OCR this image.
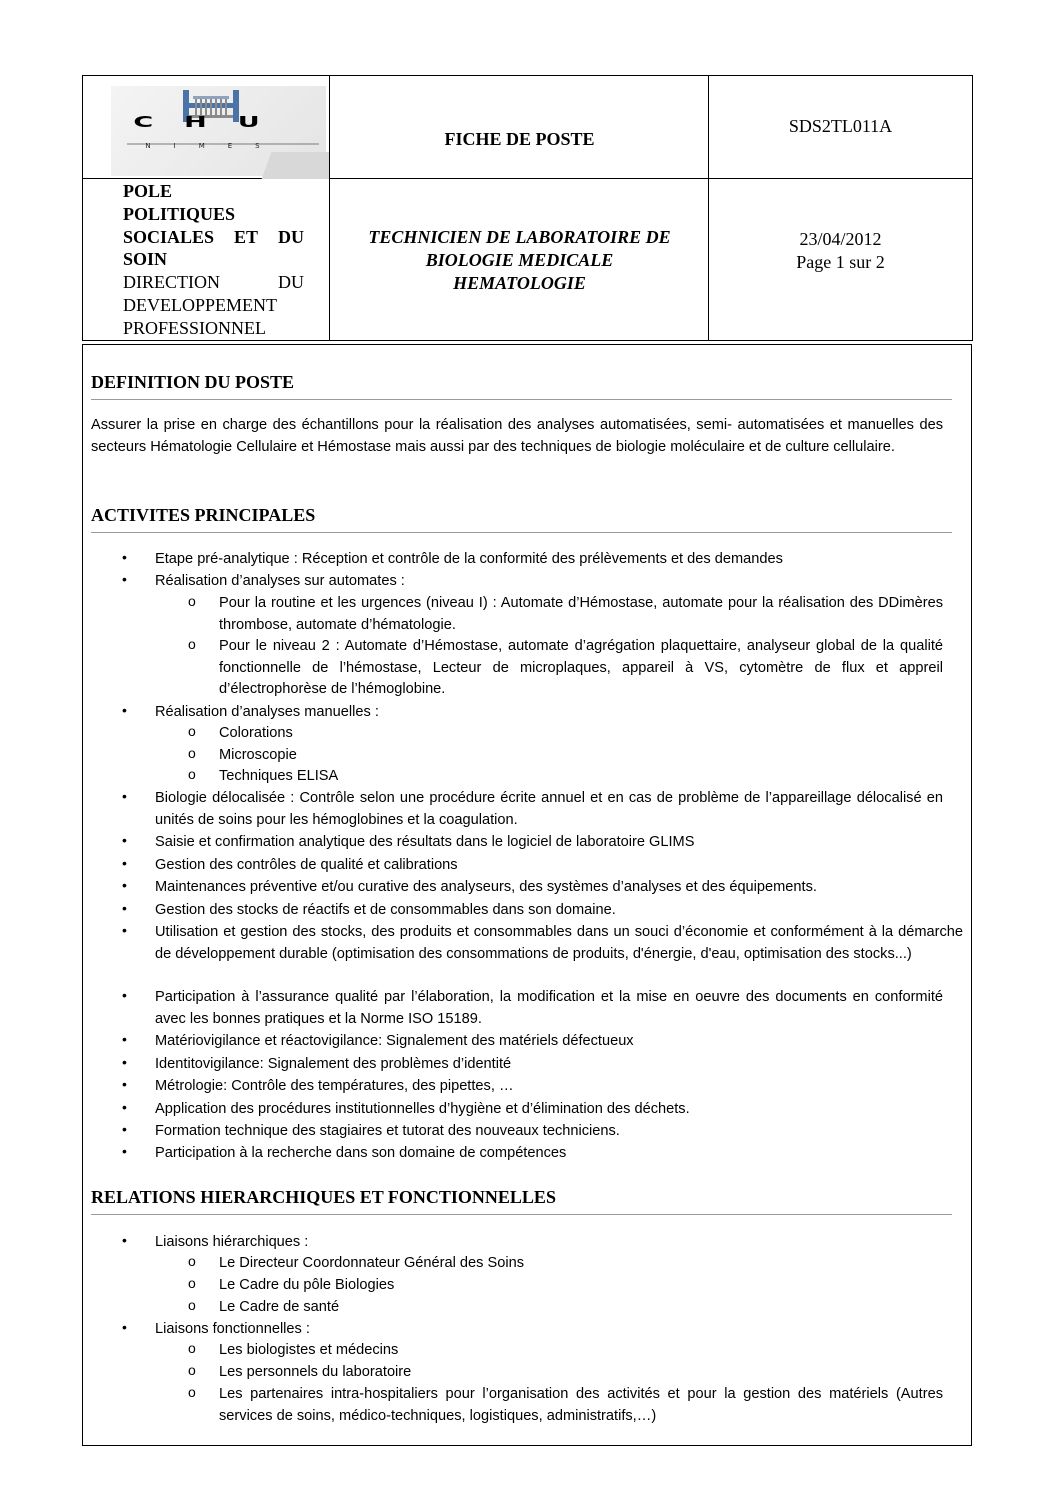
CHU
NIMES	FICHE DE POSTE
SDS2TL011A
POLE
POLITIQUES
SOCIALES ET DU
SOIN
DIRECTION	DU
DEVELOPPEMENT
PROFESSIONNEL
TECHNICIEN DE LABORATOIRE DE
BIOLOGIE MEDICALE
HEMATOLOGIE
23/04/2012
Page 1 sur 2
DEFINITION DU POSTE
Assurer la prise en charge des échantillons pour la réalisation des analyses automatisées, semi- automatisées et manuelles des secteurs Hématologie Cellulaire et Hémostase mais aussi par des techniques de biologie moléculaire et de culture cellulaire.
ACTIVITES PRINCIPALES
• Etape pré-analytique : Réception et contrôle de la conformité des prélèvements et des demandes
• Réalisation d’analyses sur automates :
o Pour la routine et les urgences (niveau I) : Automate d’Hémostase, automate pour la réalisation des DDimères thrombose, automate d’hématologie.
o Pour le niveau 2 : Automate d’Hémostase, automate d’agrégation plaquettaire, analyseur global de la qualité fonctionnelle de l’hémostase, Lecteur de microplaques, appareil à VS, cytomètre de flux et appreil d’électrophorèse de l’hémoglobine.
• Réalisation d’analyses manuelles :
o Colorations
o Microscopie
o Techniques ELISA
• Biologie délocalisée : Contrôle selon une procédure écrite annuel et en cas de problème de l’appareillage délocalisé en unités de soins pour les hémoglobines et la coagulation.
• Saisie et confirmation analytique des résultats dans le logiciel de laboratoire GLIMS
• Gestion des contrôles de qualité et calibrations
• Maintenances préventive et/ou curative des analyseurs, des systèmes d’analyses et des équipements.
• Gestion des stocks de réactifs et de consommables dans son domaine.
• Utilisation et gestion des stocks, des produits et consommables dans un souci d’économie et conformément à la démarche de développement durable (optimisation des consommations de produits, d'énergie, d'eau, optimisation des stocks...)
• Participation à l’assurance qualité par l’élaboration, la modification et la mise en oeuvre des documents en conformité avec les bonnes pratiques et la Norme ISO 15189.
• Matériovigilance et réactovigilance: Signalement des matériels défectueux
• Identitovigilance: Signalement des problèmes d’identité
• Métrologie: Contrôle des températures, des pipettes, …
• Application des procédures institutionnelles d’hygiène et d’élimination des déchets.
• Formation technique des stagiaires et tutorat des nouveaux techniciens.
• Participation à la recherche dans son domaine de compétences
RELATIONS HIERARCHIQUES ET FONCTIONNELLES
• Liaisons hiérarchiques :
o Le Directeur Coordonnateur Général des Soins
o Le Cadre du pôle Biologies
o Le Cadre de santé
• Liaisons fonctionnelles :
o Les biologistes et médecins
o Les personnels du laboratoire
o Les partenaires intra-hospitaliers pour l’organisation des activités et pour la gestion des matériels (Autres services de soins, médico-techniques, logistiques, administratifs,…)
